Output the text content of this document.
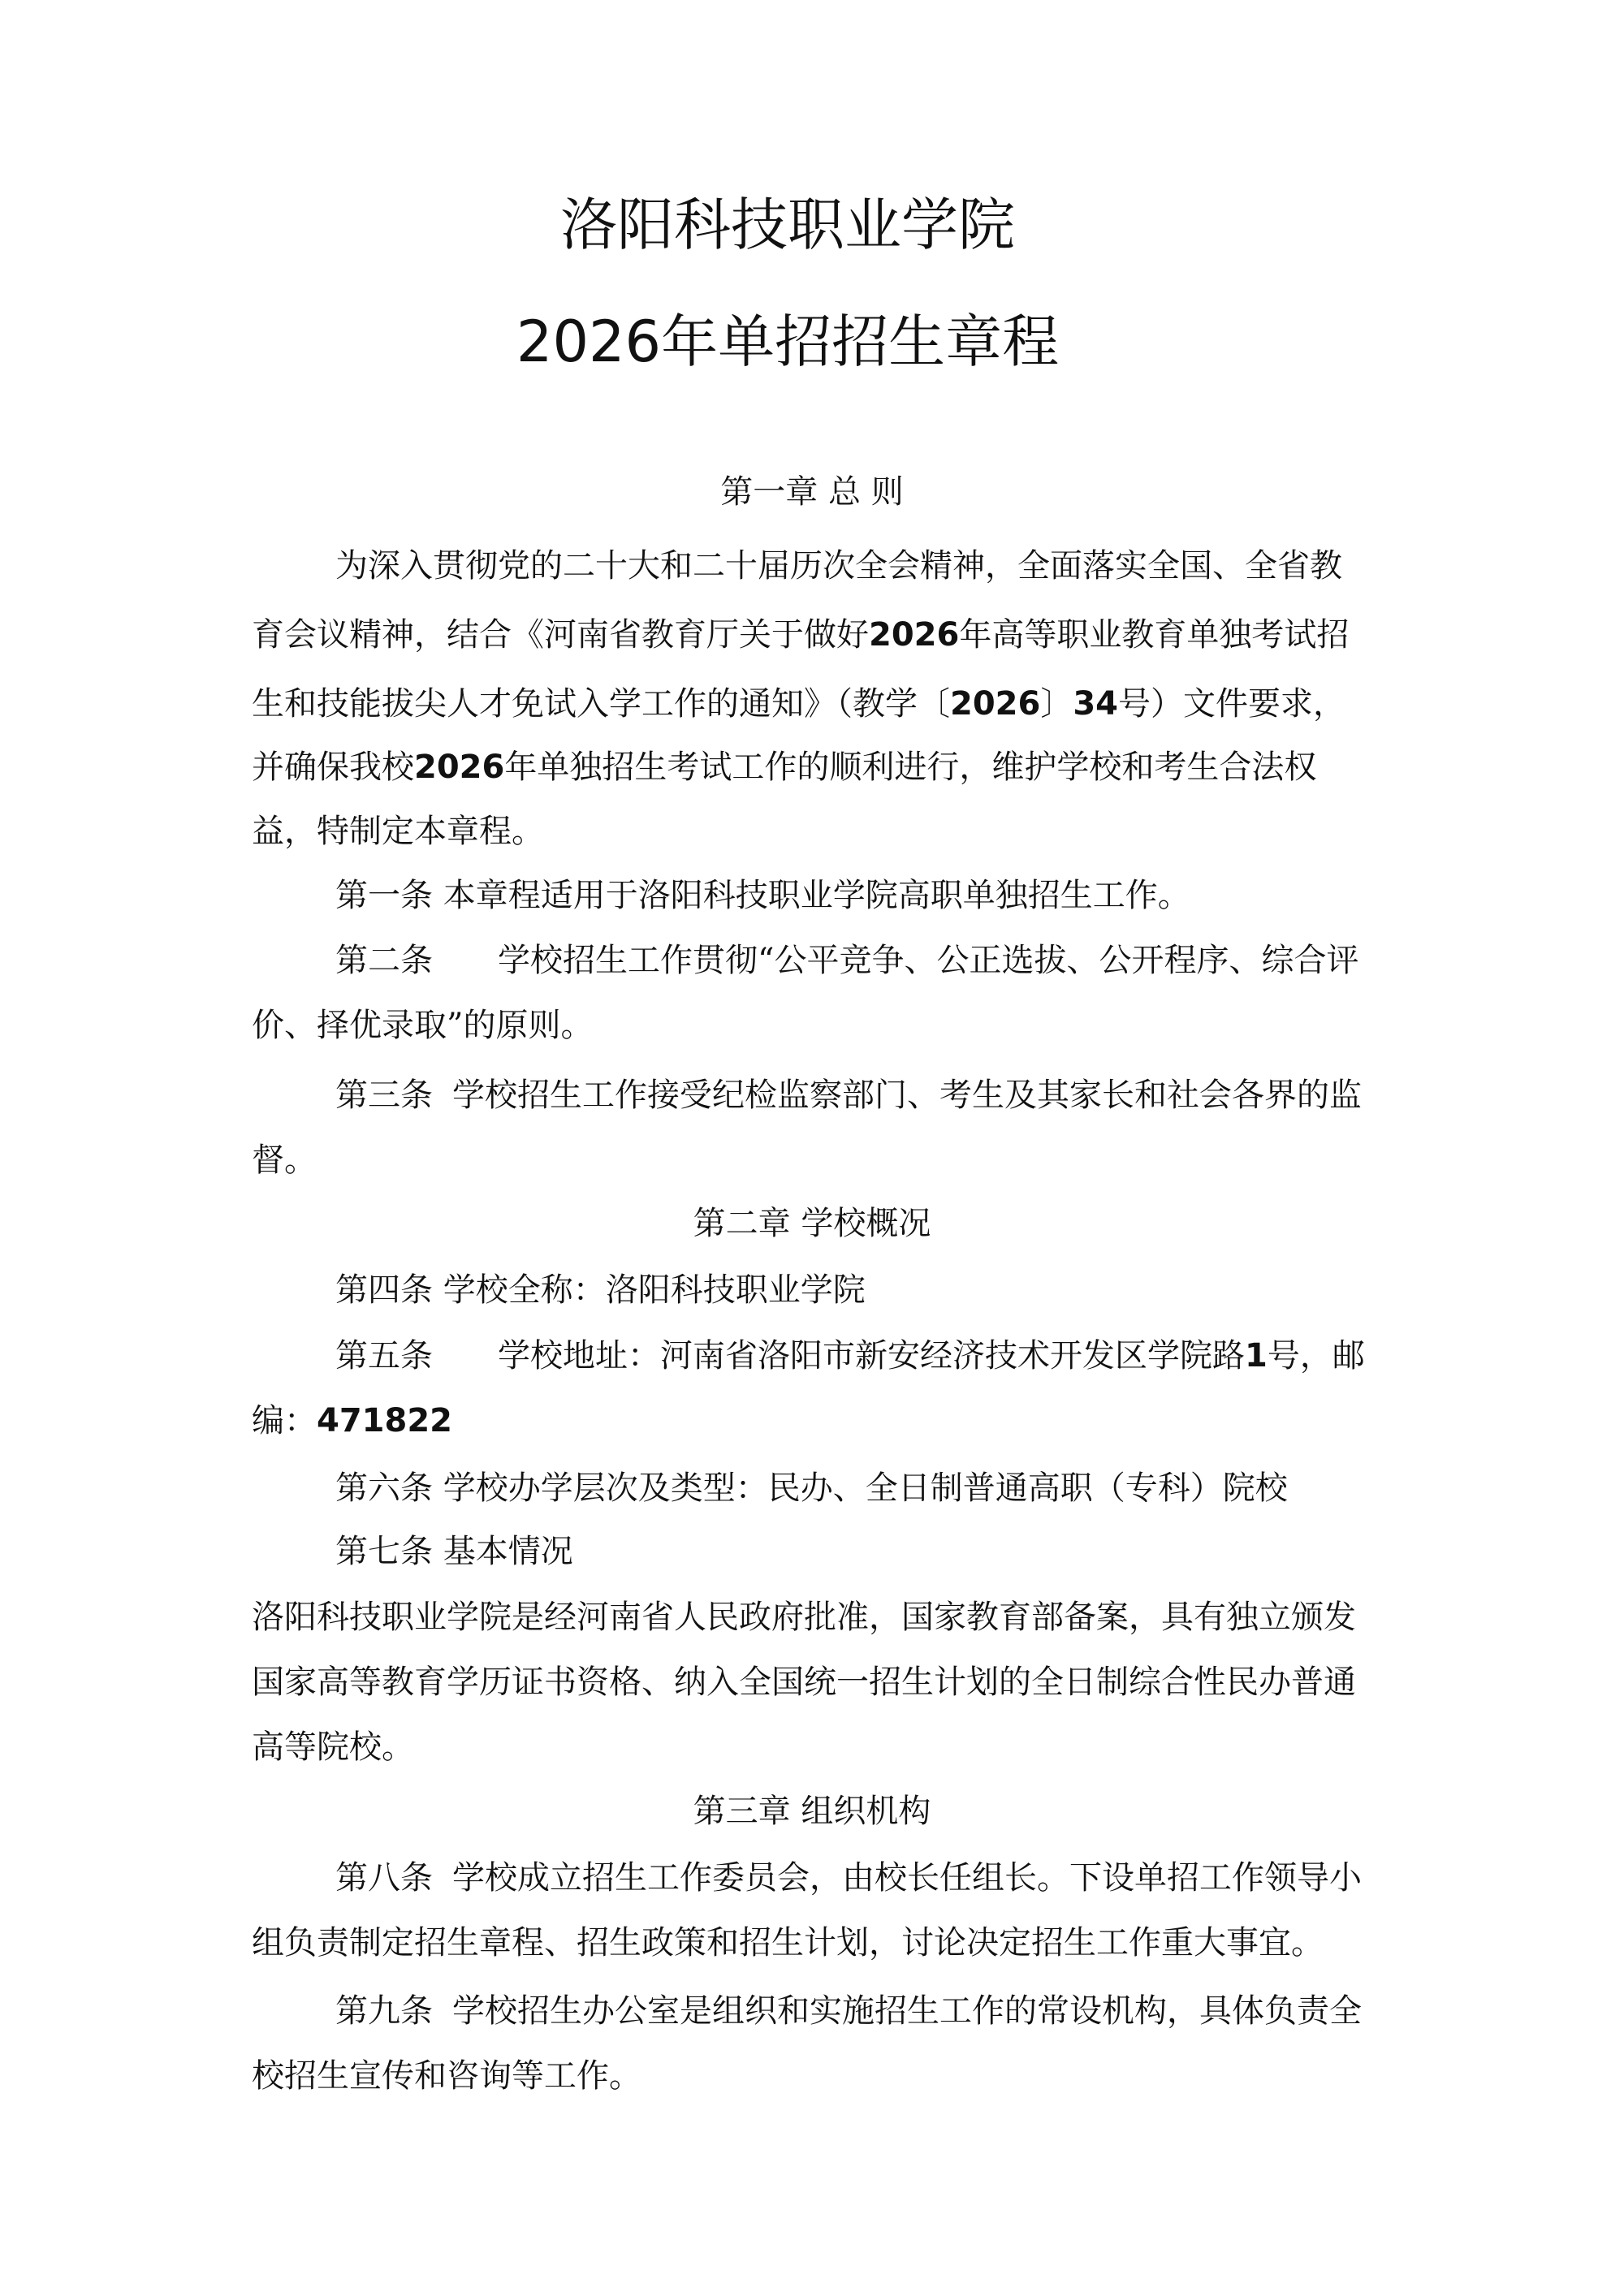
洛阳科技职业学院
2026年单招招生章程
第一章 总 则
为深入贯彻党的二十大和二十届历次全会精神，全面落实全国、全省教
育会议精神，结合《河南省教育厅关于做好2026年高等职业教育单独考试招
生和技能拔尖人才免试入学工作的通知》（教学〔2026〕34号）文件要求，
并确保我校2026年单独招生考试工作的顺利进行，维护学校和考生合法权
益，特制定本章程。
第一条 本章程适用于洛阳科技职业学院高职单独招生工作。
第二条 学校招生工作贯彻“公平竞争、公正选拔、公开程序、综合评
价、择优录取”的原则。
第三条 学校招生工作接受纪检监察部门、考生及其家长和社会各界的监
督。
第二章 学校概况
第四条 学校全称：洛阳科技职业学院
第五条 学校地址：河南省洛阳市新安经济技术开发区学院路1号，邮
编：471822
第六条 学校办学层次及类型：民办、全日制普通高职（专科）院校
第七条 基本情况
洛阳科技职业学院是经河南省人民政府批准，国家教育部备案，具有独立颁发
国家高等教育学历证书资格、纳入全国统一招生计划的全日制综合性民办普通
高等院校。
第三章 组织机构
第八条 学校成立招生工作委员会，由校长任组长。下设单招工作领导小
组负责制定招生章程、招生政策和招生计划，讨论决定招生工作重大事宜。
第九条 学校招生办公室是组织和实施招生工作的常设机构，具体负责全
校招生宣传和咨询等工作。
